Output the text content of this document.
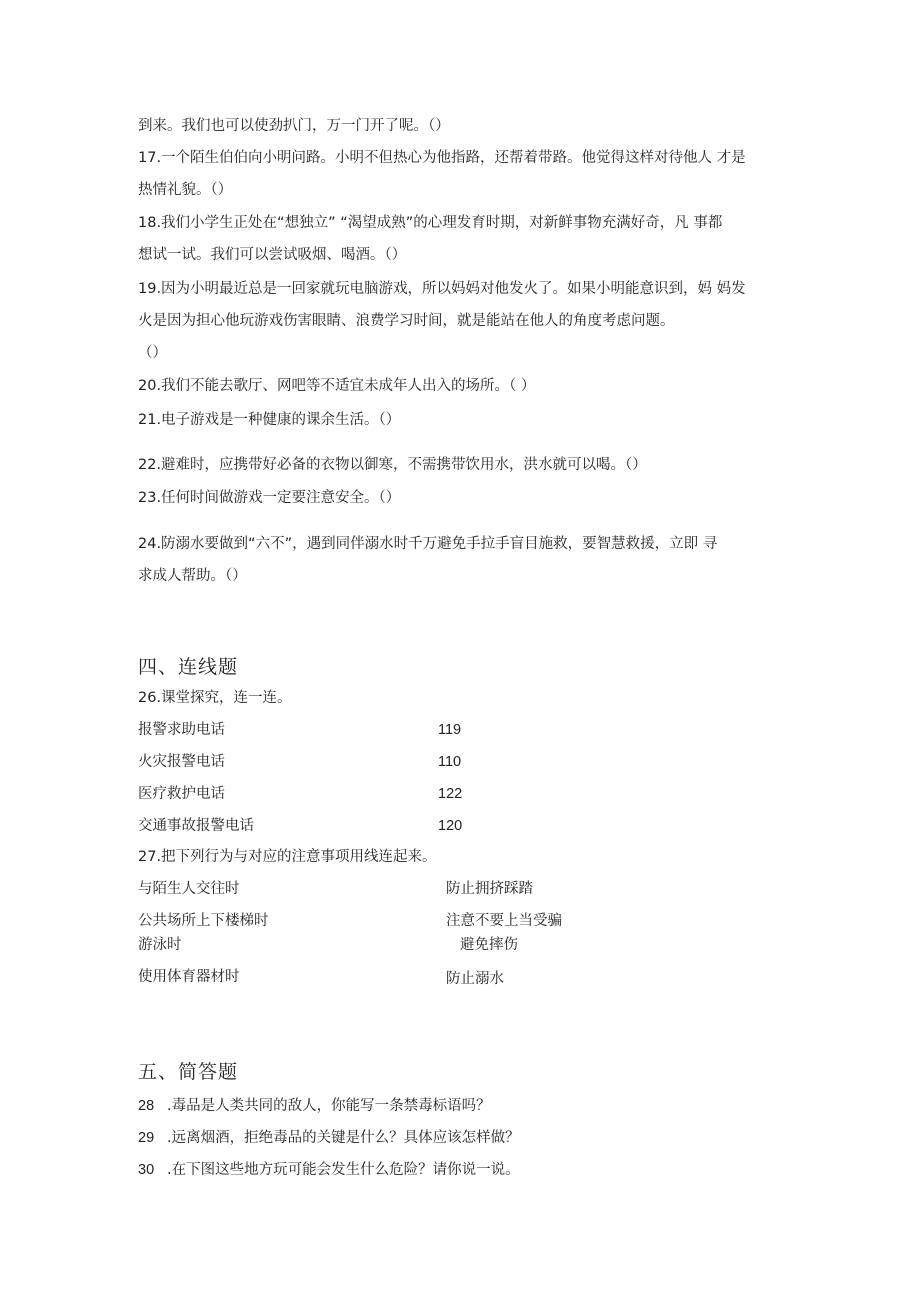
到来。我们也可以使劲扒门，万一门开了呢。（）
17.一个陌生伯伯向小明问路。小明不但热心为他指路，还帮着带路。他觉得这样对待他人 才是
热情礼貌。（）
18.我们小学生正处在“想独立” “渴望成熟”的心理发育时期，对新鲜事物充满好奇，凡 事都
想试一试。我们可以尝试吸烟、喝酒。（）
19.因为小明最近总是一回家就玩电脑游戏，所以妈妈对他发火了。如果小明能意识到，妈 妈发
火是因为担心他玩游戏伤害眼睛、浪费学习时间，就是能站在他人的角度考虑问题。
（）
20.我们不能去歌厅、网吧等不适宜未成年人出入的场所。（ ）
21.电子游戏是一种健康的课余生活。（）
22.避难时，应携带好必备的衣物以御寒，不需携带饮用水，洪水就可以喝。（）
23.任何时间做游戏一定要注意安全。（）
24.防溺水要做到“六不”，遇到同伴溺水时千万避免手拉手盲目施救，要智慧救援，立即 寻
求成人帮助。（）
四、连线题
26.课堂探究，连一连。
报警求助电话	119
火灾报警电话	110
医疗救护电话	122
交通事故报警电话	120
27.把下列行为与对应的注意事项用线连起来。
与陌生人交往时	防止拥挤踩踏
公共场所上下楼梯时	注意不要上当受骗
游泳时	避免摔伤
使用体育器材时	防止溺水
五、简答题
28 .毒品是人类共同的敌人，你能写一条禁毒标语吗？
29 .远离烟酒，拒绝毒品的关键是什么？具体应该怎样做？
30 .在下图这些地方玩可能会发生什么危险？请你说一说。
